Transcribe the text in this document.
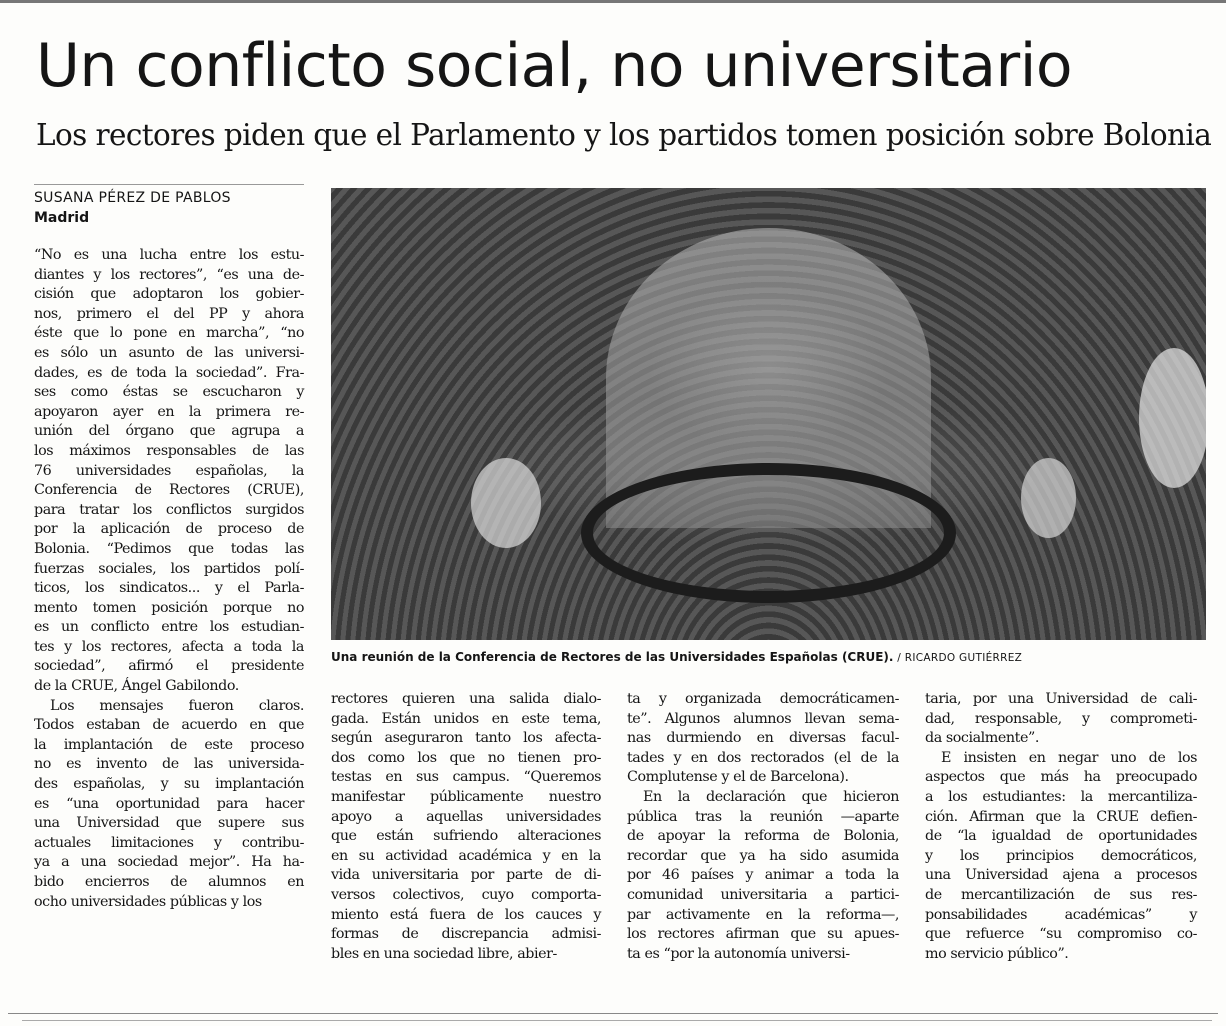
Un conflicto social, no universitario
Los rectores piden que el Parlamento y los partidos tomen posición sobre Bolonia
SUSANA PÉREZ DE PABLOS
Madrid

Una reunión de la Conferencia de Rectores de las Universidades Españolas (CRUE). / RICARDO GUTIÉRREZ

“No es una lucha entre los estu-
diantes y los rectores”, “es una de-
cisión que adoptaron los gobier-
nos, primero el del PP y ahora
éste que lo pone en marcha”, “no
es sólo un asunto de las universi-
dades, es de toda la sociedad”. Fra-
ses como éstas se escucharon y
apoyaron ayer en la primera re-
unión del órgano que agrupa a
los máximos responsables de las
76 universidades españolas, la
Conferencia de Rectores (CRUE),
para tratar los conflictos surgidos
por la aplicación de proceso de
Bolonia. “Pedimos que todas las
fuerzas sociales, los partidos polí-
ticos, los sindicatos... y el Parla-
mento tomen posición porque no
es un conflicto entre los estudian-
tes y los rectores, afecta a toda la
sociedad”, afirmó el presidente
de la CRUE, Ángel Gabilondo.
Los mensajes fueron claros.
Todos estaban de acuerdo en que
la implantación de este proceso
no es invento de las universida-
des españolas, y su implantación
es “una oportunidad para hacer
una Universidad que supere sus
actuales limitaciones y contribu-
ya a una sociedad mejor”. Ha ha-
bido encierros de alumnos en
ocho universidades públicas y los
rectores quieren una salida dialo-
gada. Están unidos en este tema,
según aseguraron tanto los afecta-
dos como los que no tienen pro-
testas en sus campus. “Queremos
manifestar públicamente nuestro
apoyo a aquellas universidades
que están sufriendo alteraciones
en su actividad académica y en la
vida universitaria por parte de di-
versos colectivos, cuyo comporta-
miento está fuera de los cauces y
formas de discrepancia admisi-
bles en una sociedad libre, abier-
ta y organizada democráticamen-
te”. Algunos alumnos llevan sema-
nas durmiendo en diversas facul-
tades y en dos rectorados (el de la
Complutense y el de Barcelona).
En la declaración que hicieron
pública tras la reunión —aparte
de apoyar la reforma de Bolonia,
recordar que ya ha sido asumida
por 46 países y animar a toda la
comunidad universitaria a partici-
par activamente en la reforma—,
los rectores afirman que su apues-
ta es “por la autonomía universi-
taria, por una Universidad de cali-
dad, responsable, y comprometi-
da socialmente”.
E insisten en negar uno de los
aspectos que más ha preocupado
a los estudiantes: la mercantiliza-
ción. Afirman que la CRUE defien-
de “la igualdad de oportunidades
y los principios democráticos,
una Universidad ajena a procesos
de mercantilización de sus res-
ponsabilidades académicas” y
que refuerce “su compromiso co-
mo servicio público”.
